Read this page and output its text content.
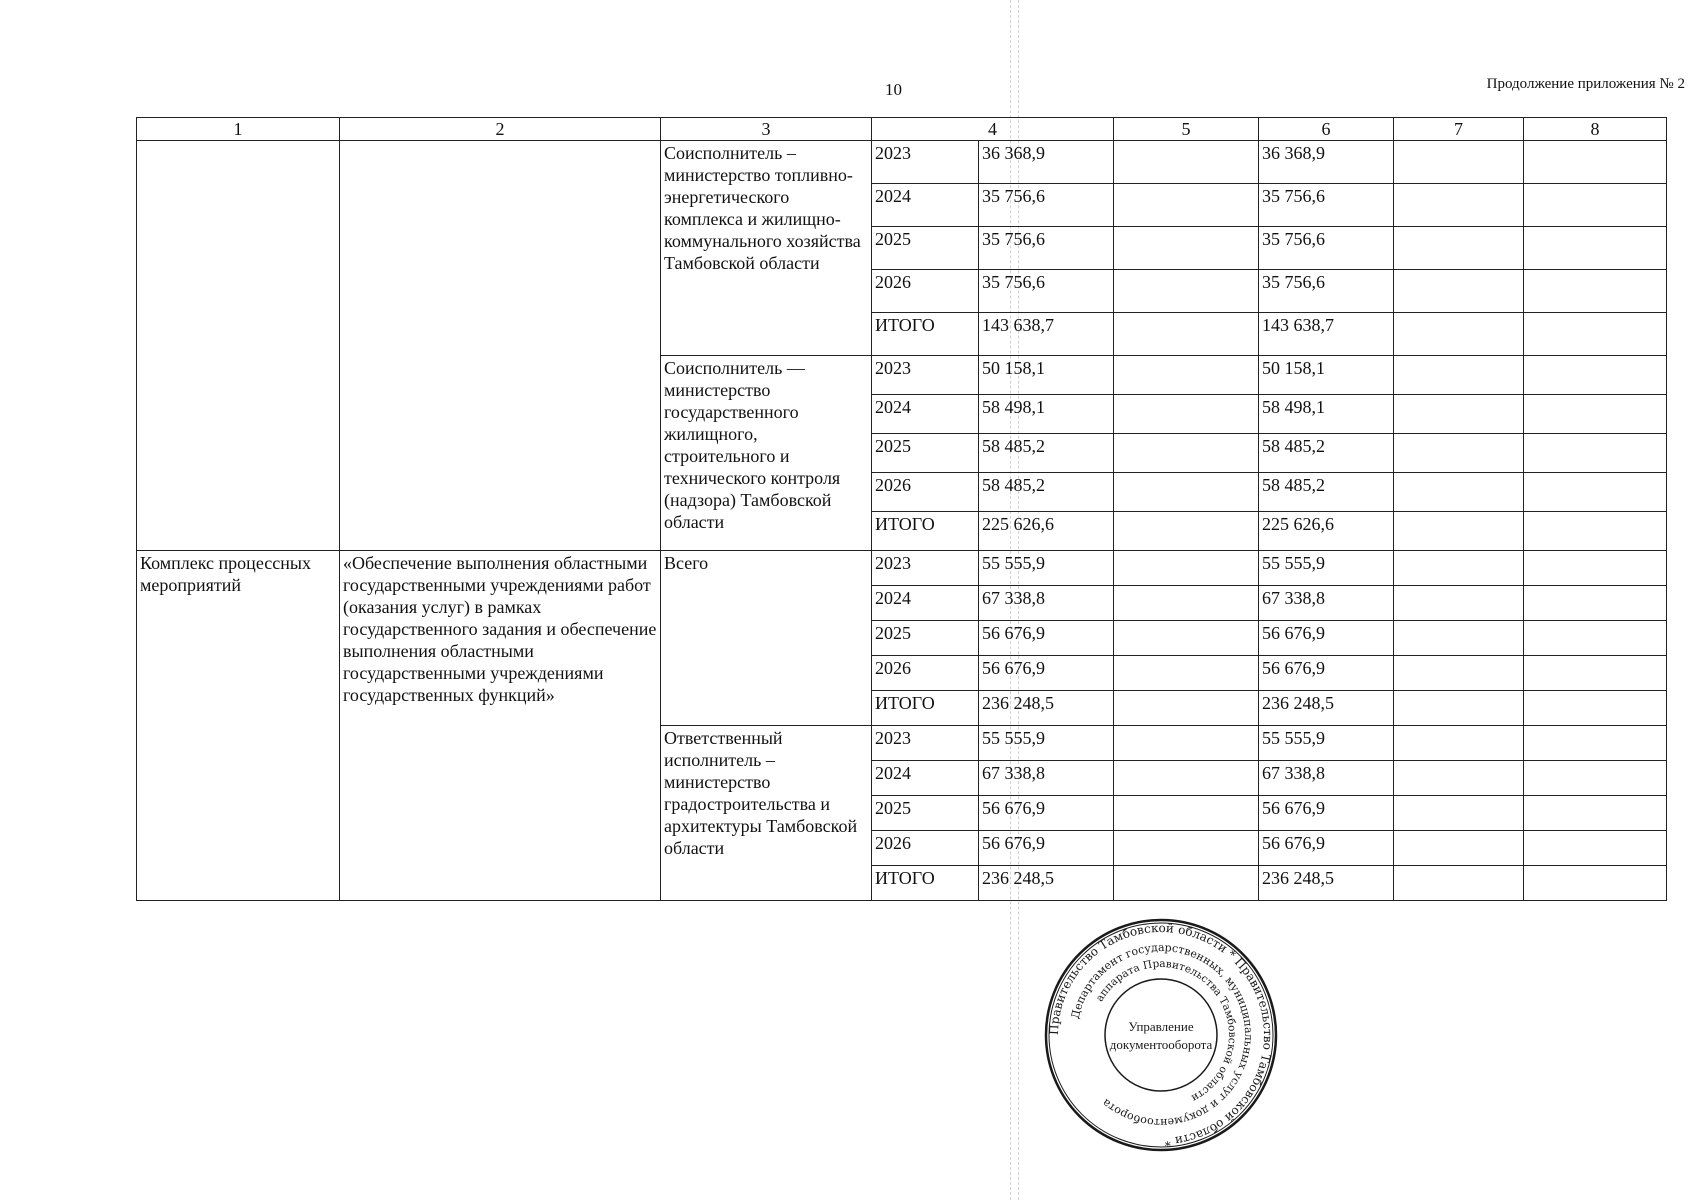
10	Продолжение приложения № 2
1	2	3	4		5	6	7	8
		Соисполнитель – министерство топливно-энергетического комплекса и жилищно-коммунального хозяйства Тамбовской области	2023	36 368,9		36 368,9		
			2024	35 756,6		35 756,6		
			2025	35 756,6		35 756,6		
			2026	35 756,6		35 756,6		
			ИТОГО	143 638,7		143 638,7		
		Соисполнитель — министерство государственного жилищного, строительного и технического контроля (надзора) Тамбовской области	2023	50 158,1		50 158,1		
			2024	58 498,1		58 498,1		
			2025	58 485,2		58 485,2		
			2026	58 485,2		58 485,2		
			ИТОГО	225 626,6		225 626,6		
Комплекс процессных мероприятий	«Обеспечение выполнения областными государственными учреждениями работ (оказания услуг) в рамках государственного задания и обеспечение выполнения областными государственными учреждениями государственных функций»	Всего	2023	55 555,9		55 555,9		
			2024	67 338,8		67 338,8		
			2025	56 676,9		56 676,9		
			2026	56 676,9		56 676,9		
			ИТОГО	236 248,5		236 248,5		
		Ответственный исполнитель – министерство градостроительства и архитектуры Тамбовской области	2023	55 555,9		55 555,9		
			2024	67 338,8		67 338,8		
			2025	56 676,9		56 676,9		
			2026	56 676,9		56 676,9		
			ИТОГО	236 248,5		236 248,5		
Правительство Тамбовской области * Правительство Тамбовской области *
Департамент государственных, муниципальных услуг и документооборота
аппарата Правительства Тамбовской области
Управление
документооборота
